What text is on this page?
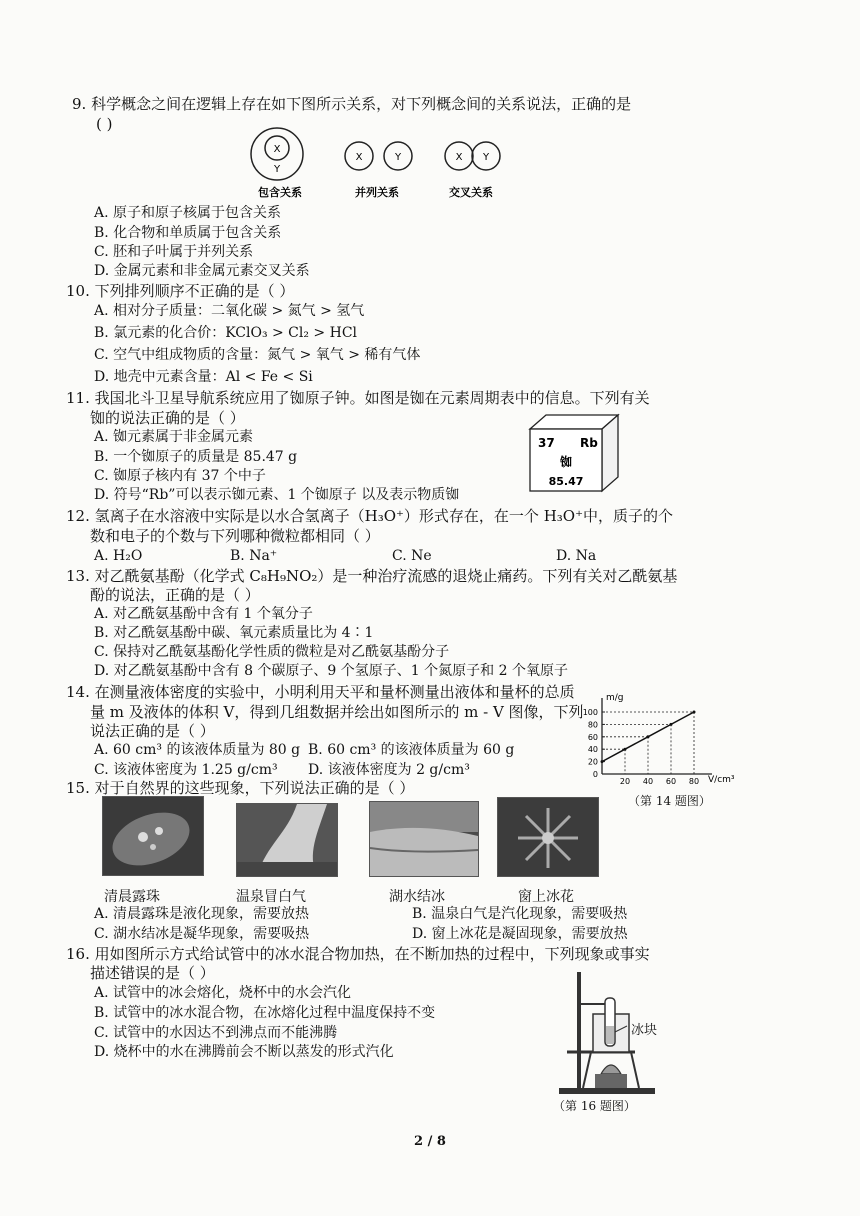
9. 科学概念之间在逻辑上存在如下图所示关系，对下列概念间的关系说法，正确的是
( )
X
Y
X	Y	X Y
包含关系	并列关系	交叉关系
A. 原子和原子核属于包含关系
B. 化合物和单质属于包含关系
C. 胚和子叶属于并列关系
D. 金属元素和非金属元素交叉关系
10. 下列排列顺序不正确的是（ ）
A. 相对分子质量：二氧化碳 > 氮气 > 氢气
B. 氯元素的化合价：KClO₃ > Cl₂ > HCl
C. 空气中组成物质的含量：氮气 > 氧气 > 稀有气体
D. 地壳中元素含量：Al < Fe < Si
11. 我国北斗卫星导航系统应用了铷原子钟。如图是铷在元素周期表中的信息。下列有关
铷的说法正确的是（ ）
A. 铷元素属于非金属元素
B. 一个铷原子的质量是 85.47 g
C. 铷原子核内有 37 个中子
D. 符号“Rb”可以表示铷元素、1 个铷原子 以及表示物质铷
37 Rb
铷
85.47
12. 氢离子在水溶液中实际是以水合氢离子（H₃O⁺）形式存在，在一个 H₃O⁺中，质子的个
数和电子的个数与下列哪种微粒都相同（ ）
A. H₂O	B. Na⁺	C. Ne	D. Na
13. 对乙酰氨基酚（化学式 C₈H₉NO₂）是一种治疗流感的退烧止痛药。下列有关对乙酰氨基
酚的说法，正确的是（ ）
A. 对乙酰氨基酚中含有 1 个氧分子
B. 对乙酰氨基酚中碳、氧元素质量比为 4∶1
C. 保持对乙酰氨基酚化学性质的微粒是对乙酰氨基酚分子
D. 对乙酰氨基酚中含有 8 个碳原子、9 个氢原子、1 个氮原子和 2 个氧原子
14. 在测量液体密度的实验中，小明利用天平和量杯测量出液体和量杯的总质
量 m 及液体的体积 V，得到几组数据并绘出如图所示的 m - V 图像，下列
说法正确的是（ ）
A. 60 cm³ 的该液体质量为 80 g B. 60 cm³ 的该液体质量为 60 g
C. 该液体密度为 1.25 g/cm³ D. 该液体密度为 2 g/cm³
m/g
V/cm³
0
20
40
60
80
100
20 40 60 80
（第 14 题图）
15. 对于自然界的这些现象，下列说法正确的是（ ）
清晨露珠	温泉冒白气	湖水结冰	窗上冰花
A. 清晨露珠是液化现象，需要放热	B. 温泉白气是汽化现象，需要吸热
C. 湖水结冰是凝华现象，需要吸热	D. 窗上冰花是凝固现象，需要放热
16. 用如图所示方式给试管中的冰水混合物加热，在不断加热的过程中，下列现象或事实
描述错误的是（ ）
A. 试管中的冰会熔化，烧杯中的水会汽化
B. 试管中的冰水混合物，在冰熔化过程中温度保持不变
C. 试管中的水因达不到沸点而不能沸腾
D. 烧杯中的水在沸腾前会不断以蒸发的形式汽化
冰块
（第 16 题图）
2 / 8
